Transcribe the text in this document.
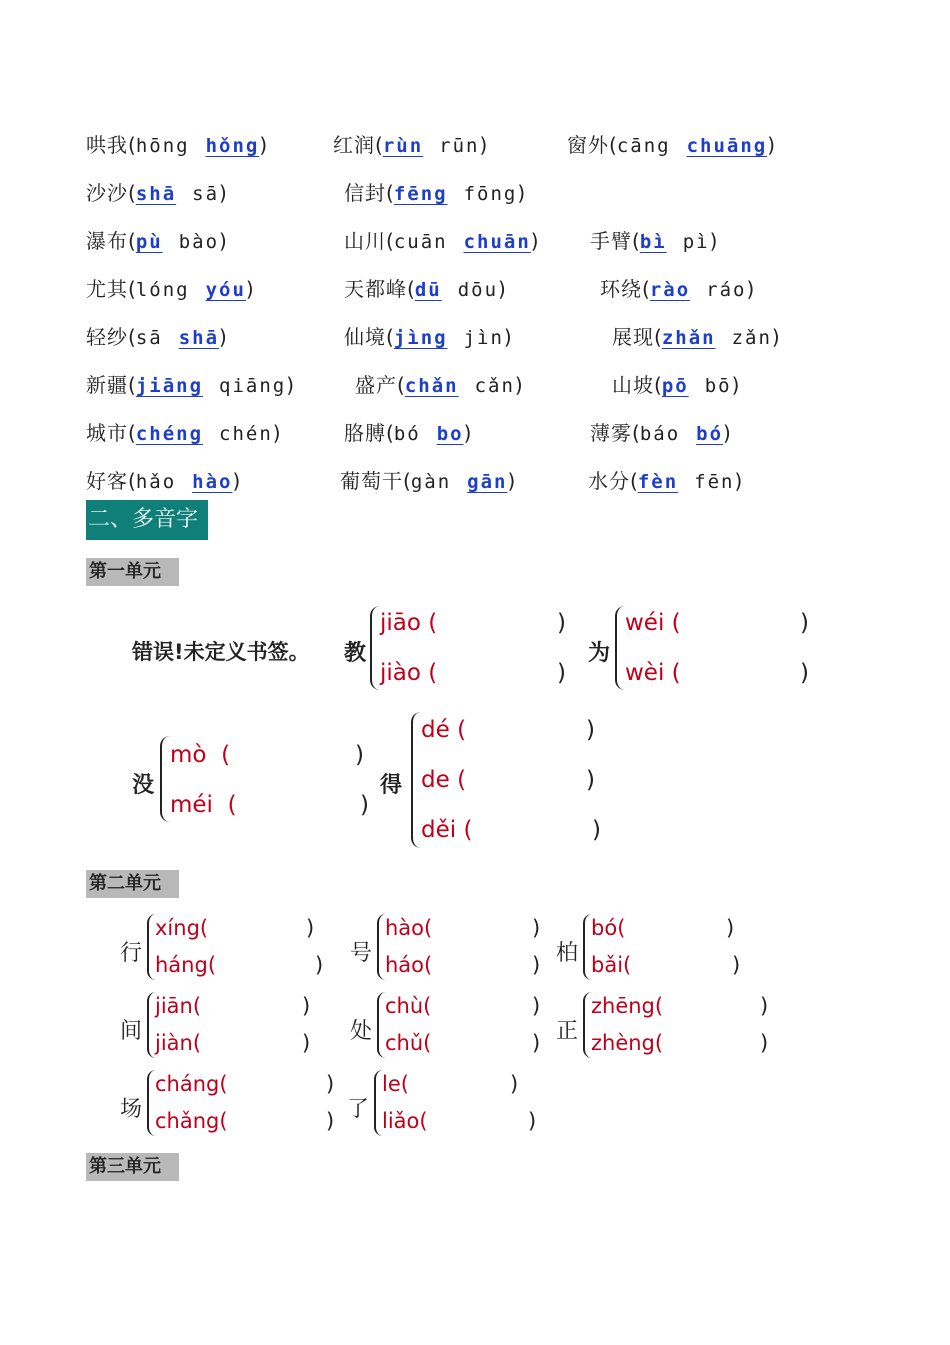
哄我(hōng hǒng)	红润(rùn rūn)	窗外(cāng chuāng)
沙沙(shā sā)	信封(fēng fōng)
瀑布(pù bào)	山川(cuān chuān)	手臂(bì pì)
尤其(lóng yóu)	天都峰(dū dōu)	环绕(rào ráo)
轻纱(sā shā)	仙境(jìng jìn)	展现(zhǎn zǎn)
新疆(jiāng qiāng)	盛产(chǎn cǎn)	山坡(pō bō)
城市(chéng chén)	胳膊(bó bo)	薄雾(báo bó)
好客(hǎo hào)	葡萄干(gàn gān)	水分(fèn fēn)
二、多音字
第一单元
错误!未定义书签。 教
jiāo (	)
jiào (	)
为
wéi (	)
wèi (	)
没
mò (	)
méi (	)
得
dé (	)
de (	)
děi (	)
第二单元
行
xíng(	)
háng(	) 号
hào(	)
háo(	) 柏
bó(	)
bǎi(	)
间
jiān(	)
jiàn(	) 处
chù(	)
chǔ(	) 正
zhēng(	)
zhèng(	)
场
cháng(	)
chǎng(	) 了
le(	)
liǎo(	)
第三单元
